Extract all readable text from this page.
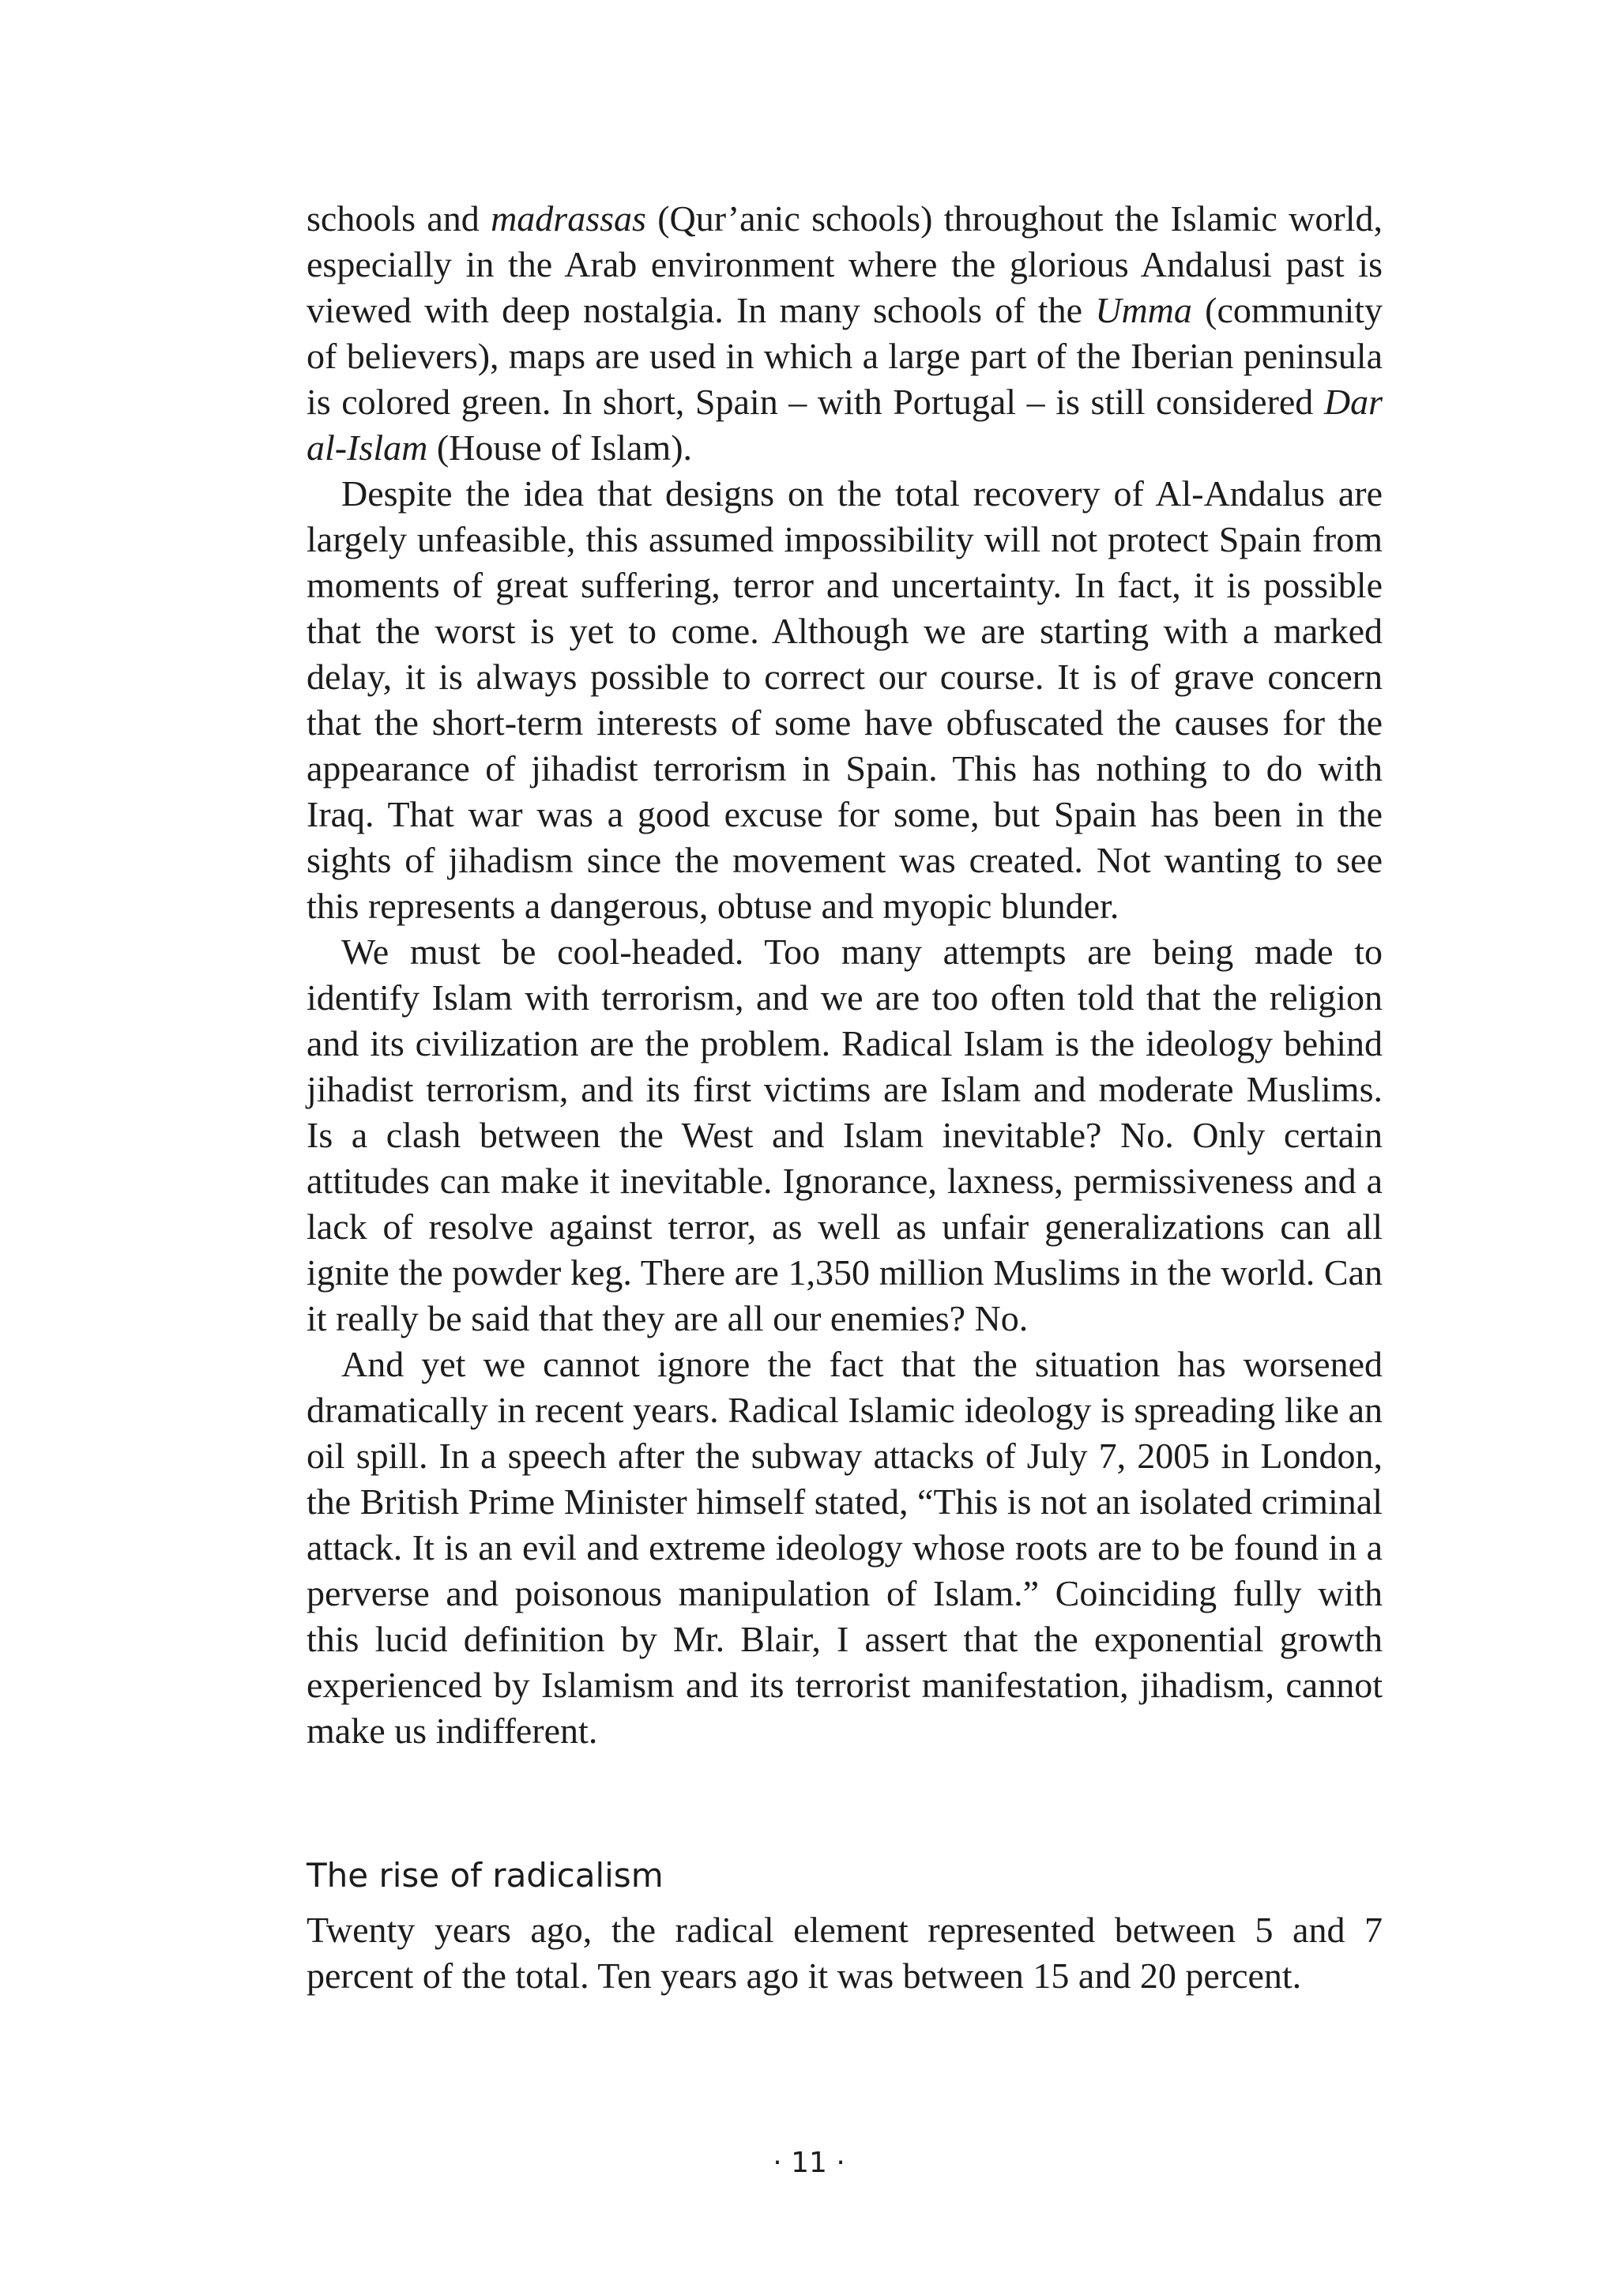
schools and madrassas (Qur’anic schools) throughout the Islamic world, especially in the Arab environment where the glorious Andalusi past is viewed with deep nostalgia. In many schools of the Umma (community of believers), maps are used in which a large part of the Iberian peninsula is colored green. In short, Spain – with Portugal – is still considered Dar al-Islam (House of Islam).

Despite the idea that designs on the total recovery of Al-Andalus are largely unfeasible, this assumed impossibility will not protect Spain from moments of great suffering, terror and uncertainty. In fact, it is possible that the worst is yet to come. Although we are starting with a marked delay, it is always possible to correct our course. It is of grave concern that the short-term interests of some have obfuscated the causes for the appearance of jihadist terrorism in Spain. This has nothing to do with Iraq. That war was a good excuse for some, but Spain has been in the sights of jihadism since the movement was created. Not wanting to see this represents a dangerous, obtuse and myopic blunder.

We must be cool-headed. Too many attempts are being made to identify Islam with terrorism, and we are too often told that the religion and its civilization are the problem. Radical Islam is the ideology behind jihadist terrorism, and its first victims are Islam and moderate Muslims. Is a clash between the West and Islam inevitable? No. Only certain attitudes can make it inevitable. Ignorance, laxness, permissiveness and a lack of resolve against terror, as well as unfair generalizations can all ignite the powder keg. There are 1,350 million Muslims in the world. Can it really be said that they are all our enemies? No.

And yet we cannot ignore the fact that the situation has worsened dramatically in recent years. Radical Islamic ideology is spreading like an oil spill. In a speech after the subway attacks of July 7, 2005 in London, the British Prime Minister himself stated, “This is not an isolated criminal attack. It is an evil and extreme ideology whose roots are to be found in a perverse and poisonous manipulation of Islam.” Coinciding fully with this lucid definition by Mr. Blair, I assert that the exponential growth experienced by Islamism and its terrorist manifestation, jihadism, cannot make us indifferent.

The rise of radicalism

Twenty years ago, the radical element represented between 5 and 7 percent of the total. Ten years ago it was between 15 and 20 percent.

· 11 ·
